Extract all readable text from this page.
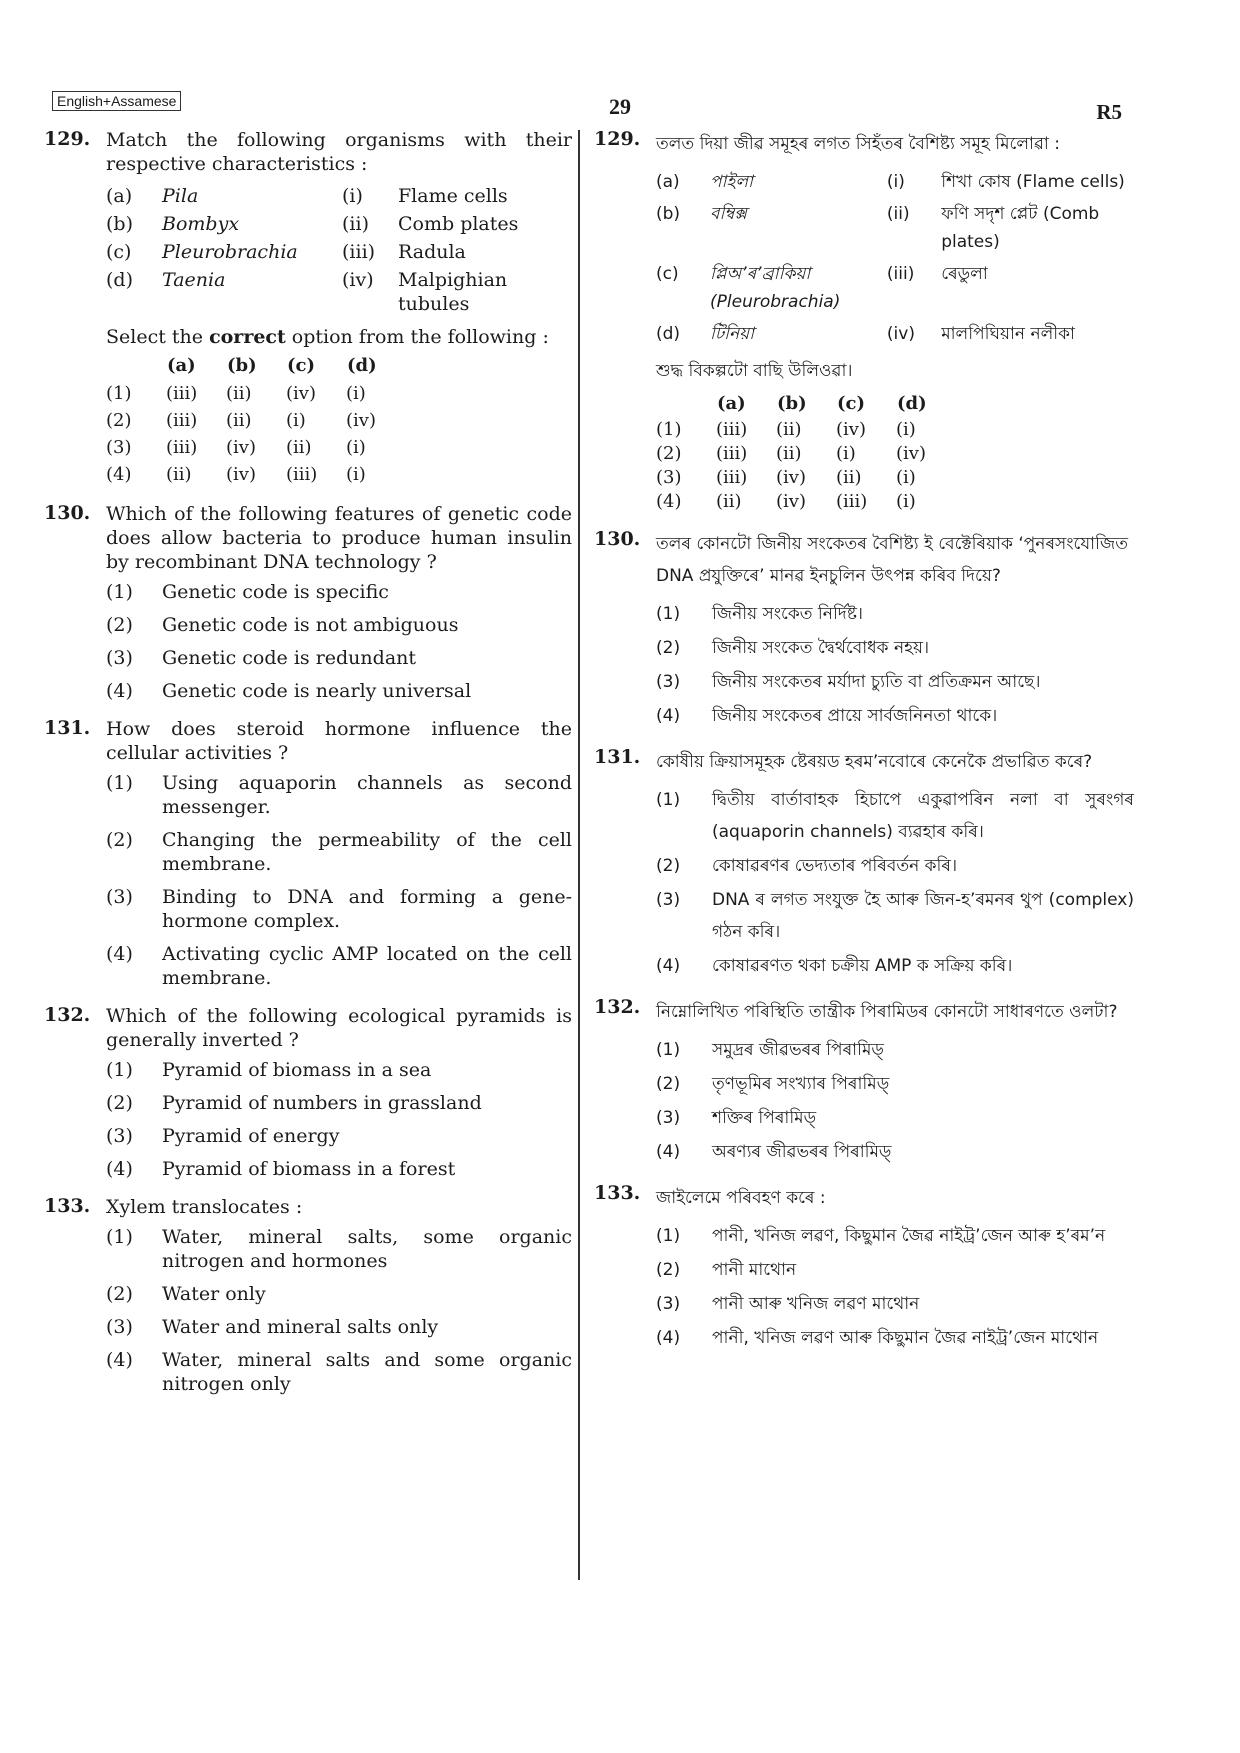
English+Assamese	29	R5
129. Match the following organisms with their respective characteristics :
(a)	Pila	(i)	Flame cells
(b)	Bombyx	(ii)	Comb plates
(c)	Pleurobrachia	(iii)	Radula
(d)	Taenia	(iv)	Malpighian tubules
Select the correct option from the following :
	(a)	(b)	(c)	(d)
(1)	(iii)	(ii)	(iv)	(i)
(2)	(iii)	(ii)	(i)	(iv)
(3)	(iii)	(iv)	(ii)	(i)
(4)	(ii)	(iv)	(iii)	(i)
130. Which of the following features of genetic code does allow bacteria to produce human insulin by recombinant DNA technology ?
(1)	Genetic code is specific
(2)	Genetic code is not ambiguous
(3)	Genetic code is redundant
(4)	Genetic code is nearly universal
131. How does steroid hormone influence the cellular activities ?
(1)	Using aquaporin channels as second messenger.
(2)	Changing the permeability of the cell membrane.
(3)	Binding to DNA and forming a gene-hormone complex.
(4)	Activating cyclic AMP located on the cell membrane.
132. Which of the following ecological pyramids is generally inverted ?
(1)	Pyramid of biomass in a sea
(2)	Pyramid of numbers in grassland
(3)	Pyramid of energy
(4)	Pyramid of biomass in a forest
133. Xylem translocates :
(1)	Water, mineral salts, some organic nitrogen and hormones
(2)	Water only
(3)	Water and mineral salts only
(4)	Water, mineral salts and some organic nitrogen only
129. তলত দিয়া জীৱ সমূহৰ লগত সিহঁতৰ বৈশিষ্ট্য সমূহ মিলোৱা :
(a)	পাইলা	(i)	শিখা কোষ (Flame cells)
(b)	বম্বিক্স	(ii)	ফণি সদৃশ প্লেট (Comb plates)
(c)	প্লিঅ’ৰ’ব্ৰাকিয়া (Pleurobrachia)	(iii)	ৰেডুলা
(d)	টিনিয়া	(iv)	মালপিঘিয়ান নলীকা
শুদ্ধ বিকল্পটো বাছি উলিওৱা।
	(a)	(b)	(c)	(d)
(1)	(iii)	(ii)	(iv)	(i)
(2)	(iii)	(ii)	(i)	(iv)
(3)	(iii)	(iv)	(ii)	(i)
(4)	(ii)	(iv)	(iii)	(i)
130. তলৰ কোনটো জিনীয় সংকেতৰ বৈশিষ্ট্য ই বেক্টেৰিয়াক ‘পুনৰসংযোজিত DNA প্ৰযুক্তিৰে’ মানৱ ইনচুলিন উৎপন্ন কৰিব দিয়ে?
(1)	জিনীয় সংকেত নিৰ্দিষ্ট।
(2)	জিনীয় সংকেত দ্বৈৰ্থবোধক নহয়।
(3)	জিনীয় সংকেতৰ মৰ্যাদা চ্যুতি বা প্ৰতিক্ৰমন আছে।
(4)	জিনীয় সংকেতৰ প্ৰায়ে সাৰ্বজনিনতা থাকে।
131. কোষীয় ক্ৰিয়াসমূহক ষ্টেৰয়ড হৰম’নবোৰে কেনেকৈ প্ৰভাৱিত কৰে?
(1)	দ্বিতীয় বাৰ্তাবাহক হিচাপে একুৱাপৰিন নলা বা সুৰংগৰ (aquaporin channels) ব্যৱহাৰ কৰি।
(2)	কোষাৱৰণৰ ভেদ্যতাৰ পৰিবৰ্তন কৰি।
(3)	DNA ৰ লগত সংযুক্ত হৈ আৰু জিন-হ’ৰমনৰ থুপ (complex) গঠন কৰি।
(4)	কোষাৱৰণত থকা চক্ৰীয় AMP ক সক্ৰিয় কৰি।
132. নিম্নোলিখিত পৰিস্থিতি তান্ত্ৰীক পিৰামিডৰ কোনটো সাধাৰণতে ওলটা?
(1)	সমুদ্ৰৰ জীৱভৰৰ পিৰামিড্
(2)	তৃণভূমিৰ সংখ্যাৰ পিৰামিড্
(3)	শক্তিৰ পিৰামিড্
(4)	অৰণ্যৰ জীৱভৰৰ পিৰামিড্
133. জাইলেমে পৰিবহণ কৰে :
(1)	পানী, খনিজ লৱণ, কিছুমান জৈৱ নাইট্ৰ’জেন আৰু হ’ৰম’ন
(2)	পানী মাথোন
(3)	পানী আৰু খনিজ লৱণ মাথোন
(4)	পানী, খনিজ লৱণ আৰু কিছুমান জৈৱ নাইট্ৰ’জেন মাথোন
